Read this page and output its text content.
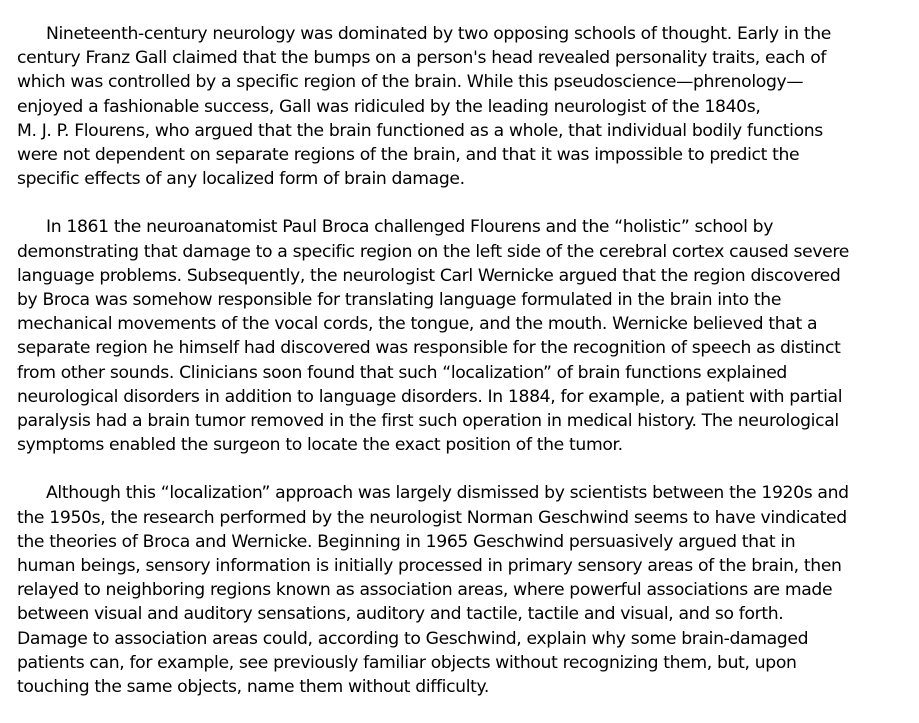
Nineteenth-century neurology was dominated by two opposing schools of thought. Early in the
century Franz Gall claimed that the bumps on a person's head revealed personality traits, each of
which was controlled by a specific region of the brain. While this pseudoscience—phrenology—
enjoyed a fashionable success, Gall was ridiculed by the leading neurologist of the 1840s,
M. J. P. Flourens, who argued that the brain functioned as a whole, that individual bodily functions
were not dependent on separate regions of the brain, and that it was impossible to predict the
specific effects of any localized form of brain damage.

In 1861 the neuroanatomist Paul Broca challenged Flourens and the “holistic” school by
demonstrating that damage to a specific region on the left side of the cerebral cortex caused severe
language problems. Subsequently, the neurologist Carl Wernicke argued that the region discovered
by Broca was somehow responsible for translating language formulated in the brain into the
mechanical movements of the vocal cords, the tongue, and the mouth. Wernicke believed that a
separate region he himself had discovered was responsible for the recognition of speech as distinct
from other sounds. Clinicians soon found that such “localization” of brain functions explained
neurological disorders in addition to language disorders. In 1884, for example, a patient with partial
paralysis had a brain tumor removed in the first such operation in medical history. The neurological
symptoms enabled the surgeon to locate the exact position of the tumor.

Although this “localization” approach was largely dismissed by scientists between the 1920s and
the 1950s, the research performed by the neurologist Norman Geschwind seems to have vindicated
the theories of Broca and Wernicke. Beginning in 1965 Geschwind persuasively argued that in
human beings, sensory information is initially processed in primary sensory areas of the brain, then
relayed to neighboring regions known as association areas, where powerful associations are made
between visual and auditory sensations, auditory and tactile, tactile and visual, and so forth.
Damage to association areas could, according to Geschwind, explain why some brain-damaged
patients can, for example, see previously familiar objects without recognizing them, but, upon
touching the same objects, name them without difficulty.
